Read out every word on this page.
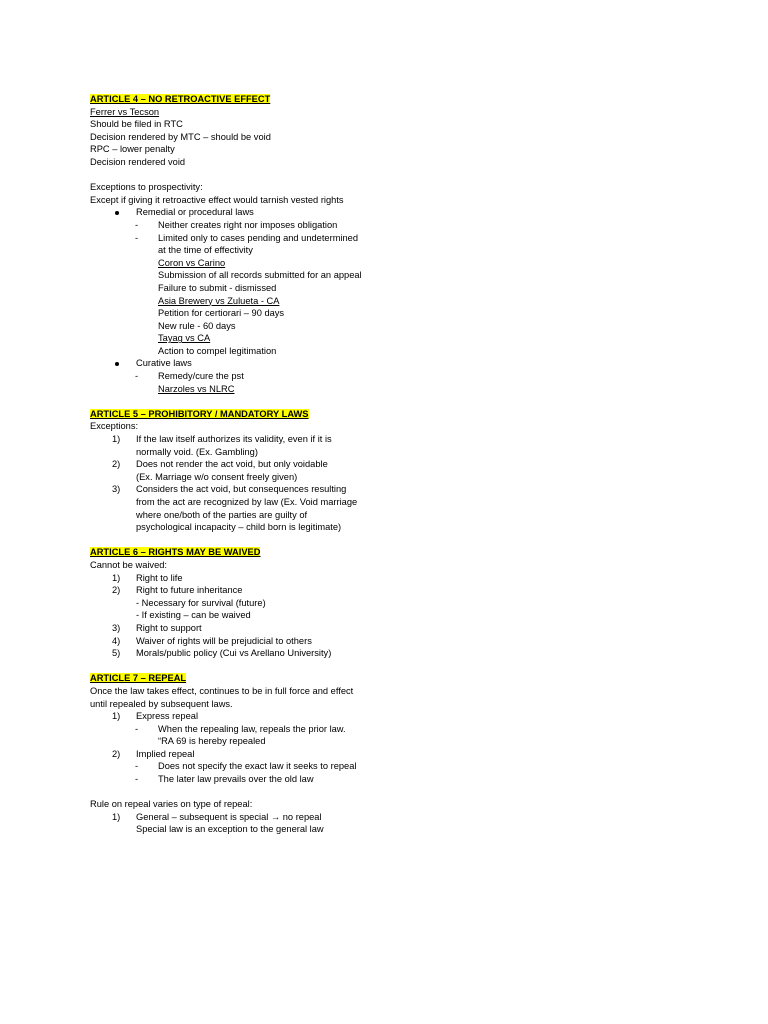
ARTICLE 4 – NO RETROACTIVE EFFECT
Ferrer vs Tecson
Should be filed in RTC
Decision rendered by MTC – should be void
RPC – lower penalty
Decision rendered void
Exceptions to prospectivity:
Except if giving it retroactive effect would tarnish vested rights
Remedial or procedural laws
-	Neither creates right nor imposes obligation
-	Limited only to cases pending and undetermined
at the time of effectivity
Coron vs Carino
Submission of all records submitted for an appeal
Failure to submit - dismissed
Asia Brewery vs Zulueta - CA
Petition for certiorari – 90 days
New rule - 60 days
Tayag vs CA
Action to compel legitimation
Curative laws
-	Remedy/cure the pst
Narzoles vs NLRC
ARTICLE 5 – PROHIBITORY / MANDATORY LAWS
Exceptions:
1)	If the law itself authorizes its validity, even if it is
normally void. (Ex. Gambling)
2)	Does not render the act void, but only voidable
(Ex. Marriage w/o consent freely given)
3)	Considers the act void, but consequences resulting
from the act are recognized by law (Ex. Void marriage
where one/both of the parties are guilty of
psychological incapacity – child born is legitimate)
ARTICLE 6 – RIGHTS MAY BE WAIVED
Cannot be waived:
1)	Right to life
2)	Right to future inheritance
- Necessary for survival (future)
- If existing – can be waived
3)	Right to support
4)	Waiver of rights will be prejudicial to others
5)	Morals/public policy (Cui vs Arellano University)
ARTICLE 7 – REPEAL
Once the law takes effect, continues to be in full force and effect
until repealed by subsequent laws.
1)	Express repeal
-	When the repealing law, repeals the prior law.
“RA 69 is hereby repealed
2)	Implied repeal
-	Does not specify the exact law it seeks to repeal
-	The later law prevails over the old law
Rule on repeal varies on type of repeal:
1)	General – subsequent is special → no repeal
Special law is an exception to the general law
